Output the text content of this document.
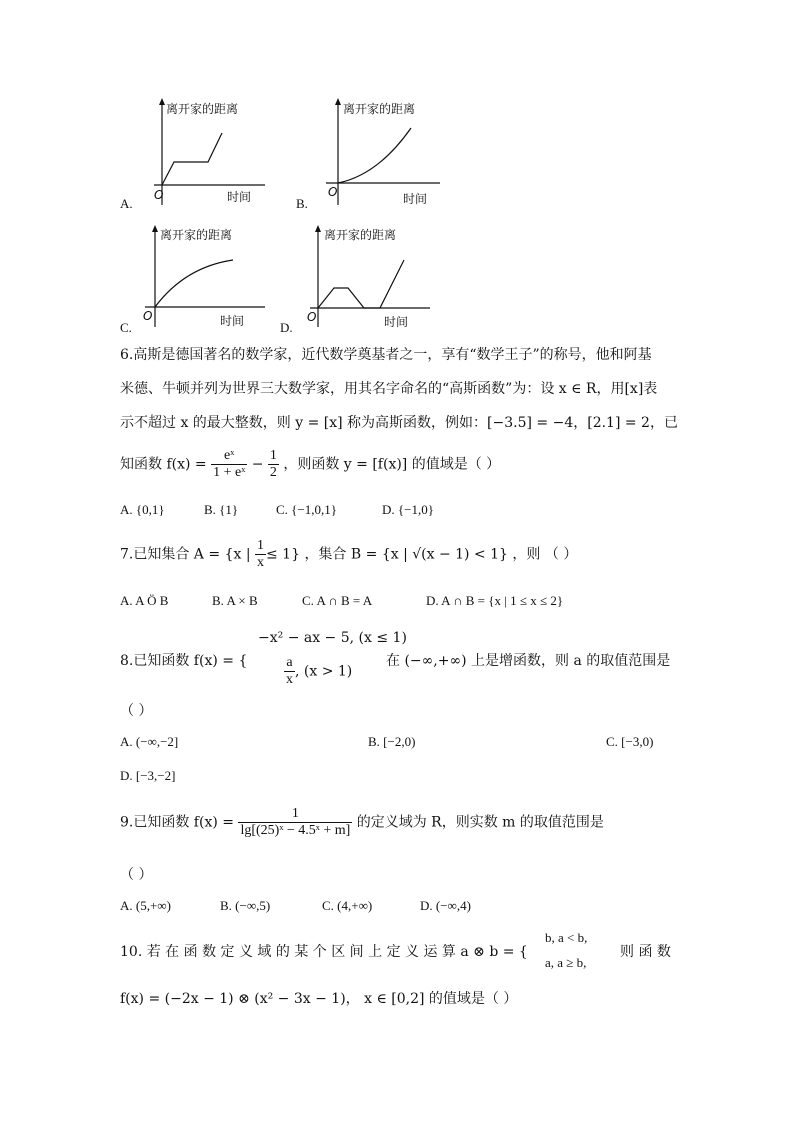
离开家的距离
O	时间
A.
离开家的距离
O	时间
B.
离开家的距离
O	时间
C.
离开家的距离
O	时间
D.
6.高斯是德国著名的数学家，近代数学奠基者之一，享有“数学王子”的称号，他和阿基
米德、牛顿并列为世界三大数学家，用其名字命名的“高斯函数”为：设 x ∈ R，用[x]表
示不超过 x 的最大整数，则 y = [x] 称为高斯函数，例如：[−3.5] = −4，[2.1] = 2，已
知函数 $f(x) = \frac{\text{eˣ}}{\text{1 + eˣ}} - \frac{1}{2}$ ，则函数 y = [f(x)] 的值域是（ ）
A. {0,1}	B. {1}	C. {−1,0,1}	D. {−1,0}
7.已知集合 A = {x | $\frac{1}{x} \le 1$} ，集合 B = {x | √(x − 1) < 1} ，则 （ ）
A. A Ö B	B. A × B	C. A ∩ B = A	D. A ∩ B = {x | 1 ≤ x ≤ 2}
8.已知函数 f(x) = {
−x² − ax − 5, (x ≤ 1)
$\frac{a}{x}$ , (x > 1)
在 (−∞,+∞) 上是增函数，则 a 的取值范围是
（ ）
A. (−∞,−2]	B. [−2,0)	C. [−3,0)
D. [−3,−2]
9.已知函数 $f(x) = \frac{1}{\text{lg[(25)ˣ − 4.5ˣ + m]}}$ 的定义域为 R，则实数 m 的取值范围是
（ ）
A. (5,+∞)	B. (−∞,5)	C. (4,+∞)	D. (−∞,4)
10. 若 在 函 数 定 义 域 的 某 个 区 间 上 定 义 运 算 a ⊗ b = {
b, a < b,
a, a ≥ b,
则 函 数
f(x) = (−2x − 1) ⊗ (x² − 3x − 1)， x ∈ [0,2] 的值域是（ ）
